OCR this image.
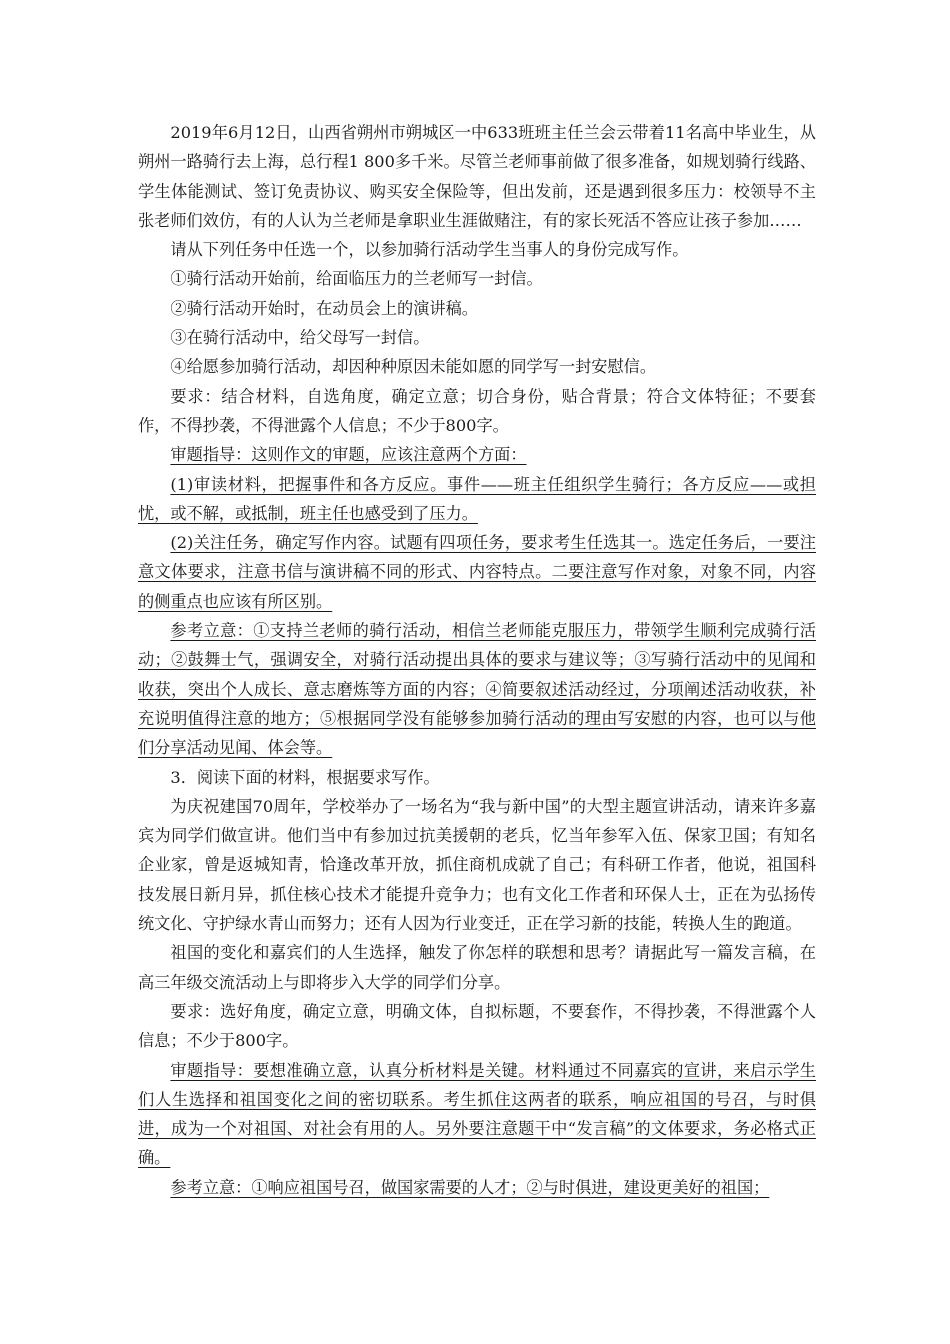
2019年6月12日，山西省朔州市朔城区一中633班班主任兰会云带着11名高中毕业生，从朔州一路骑行去上海，总行程1 800多千米。尽管兰老师事前做了很多准备，如规划骑行线路、学生体能测试、签订免责协议、购买安全保险等，但出发前，还是遇到很多压力：校领导不主张老师们效仿，有的人认为兰老师是拿职业生涯做赌注，有的家长死活不答应让孩子参加……

请从下列任务中任选一个，以参加骑行活动学生当事人的身份完成写作。

①骑行活动开始前，给面临压力的兰老师写一封信。

②骑行活动开始时，在动员会上的演讲稿。

③在骑行活动中，给父母写一封信。

④给愿参加骑行活动，却因种种原因未能如愿的同学写一封安慰信。

要求：结合材料，自选角度，确定立意；切合身份，贴合背景；符合文体特征；不要套作，不得抄袭，不得泄露个人信息；不少于800字。

审题指导：这则作文的审题，应该注意两个方面：

(1)审读材料，把握事件和各方反应。事件——班主任组织学生骑行；各方反应——或担忧，或不解，或抵制，班主任也感受到了压力。

(2)关注任务，确定写作内容。试题有四项任务，要求考生任选其一。选定任务后，一要注意文体要求，注意书信与演讲稿不同的形式、内容特点。二要注意写作对象，对象不同，内容的侧重点也应该有所区别。

参考立意：①支持兰老师的骑行活动，相信兰老师能克服压力，带领学生顺利完成骑行活动；②鼓舞士气，强调安全，对骑行活动提出具体的要求与建议等；③写骑行活动中的见闻和收获，突出个人成长、意志磨炼等方面的内容；④简要叙述活动经过，分项阐述活动收获，补充说明值得注意的地方；⑤根据同学没有能够参加骑行活动的理由写安慰的内容，也可以与他们分享活动见闻、体会等。

3．阅读下面的材料，根据要求写作。

为庆祝建国70周年，学校举办了一场名为“我与新中国”的大型主题宣讲活动，请来许多嘉宾为同学们做宣讲。他们当中有参加过抗美援朝的老兵，忆当年参军入伍、保家卫国；有知名企业家，曾是返城知青，恰逢改革开放，抓住商机成就了自己；有科研工作者，他说，祖国科技发展日新月异，抓住核心技术才能提升竞争力；也有文化工作者和环保人士，正在为弘扬传统文化、守护绿水青山而努力；还有人因为行业变迁，正在学习新的技能，转换人生的跑道。

祖国的变化和嘉宾们的人生选择，触发了你怎样的联想和思考？请据此写一篇发言稿，在高三年级交流活动上与即将步入大学的同学们分享。

要求：选好角度，确定立意，明确文体，自拟标题，不要套作，不得抄袭，不得泄露个人信息；不少于800字。

审题指导：要想准确立意，认真分析材料是关键。材料通过不同嘉宾的宣讲，来启示学生们人生选择和祖国变化之间的密切联系。考生抓住这两者的联系，响应祖国的号召，与时俱进，成为一个对祖国、对社会有用的人。另外要注意题干中“发言稿”的文体要求，务必格式正确。

参考立意：①响应祖国号召，做国家需要的人才；②与时俱进，建设更美好的祖国；
